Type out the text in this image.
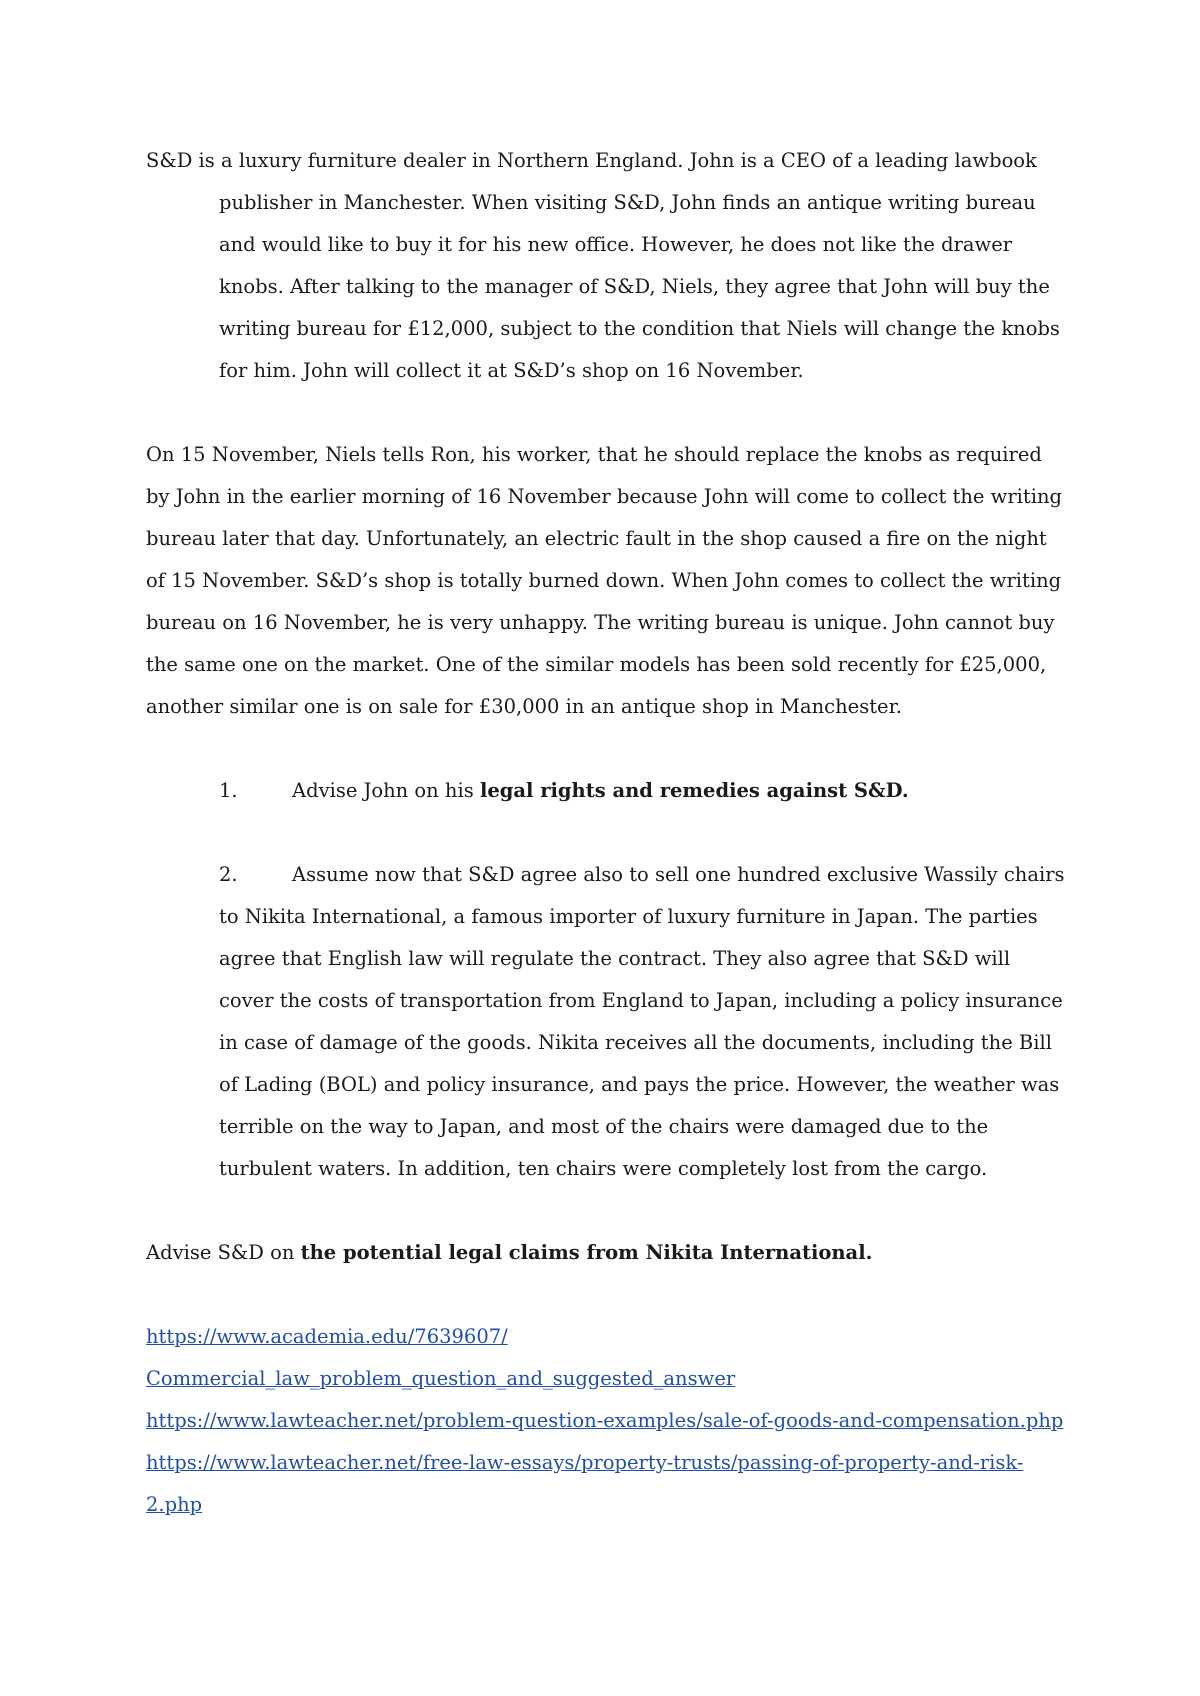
S&D is a luxury furniture dealer in Northern England. John is a CEO of a leading lawbook publisher in Manchester. When visiting S&D, John finds an antique writing bureau and would like to buy it for his new office. However, he does not like the drawer knobs. After talking to the manager of S&D, Niels, they agree that John will buy the writing bureau for £12,000, subject to the condition that Niels will change the knobs for him. John will collect it at S&D’s shop on 16 November.

On 15 November, Niels tells Ron, his worker, that he should replace the knobs as required by John in the earlier morning of 16 November because John will come to collect the writing bureau later that day. Unfortunately, an electric fault in the shop caused a fire on the night of 15 November. S&D’s shop is totally burned down. When John comes to collect the writing bureau on 16 November, he is very unhappy. The writing bureau is unique. John cannot buy the same one on the market. One of the similar models has been sold recently for £25,000, another similar one is on sale for £30,000 in an antique shop in Manchester.

1.	Advise John on his legal rights and remedies against S&D.
2.	Assume now that S&D agree also to sell one hundred exclusive Wassily chairs to Nikita International, a famous importer of luxury furniture in Japan. The parties agree that English law will regulate the contract. They also agree that S&D will cover the costs of transportation from England to Japan, including a policy insurance in case of damage of the goods. Nikita receives all the documents, including the Bill of Lading (BOL) and policy insurance, and pays the price. However, the weather was terrible on the way to Japan, and most of the chairs were damaged due to the turbulent waters. In addition, ten chairs were completely lost from the cargo.

Advise S&D on the potential legal claims from Nikita International.

https://www.academia.edu/7639607/
Commercial_law_problem_question_and_suggested_answer
https://www.lawteacher.net/problem-question-examples/sale-of-goods-and-compensation.php
https://www.lawteacher.net/free-law-essays/property-trusts/passing-of-property-and-risk-
2.php
